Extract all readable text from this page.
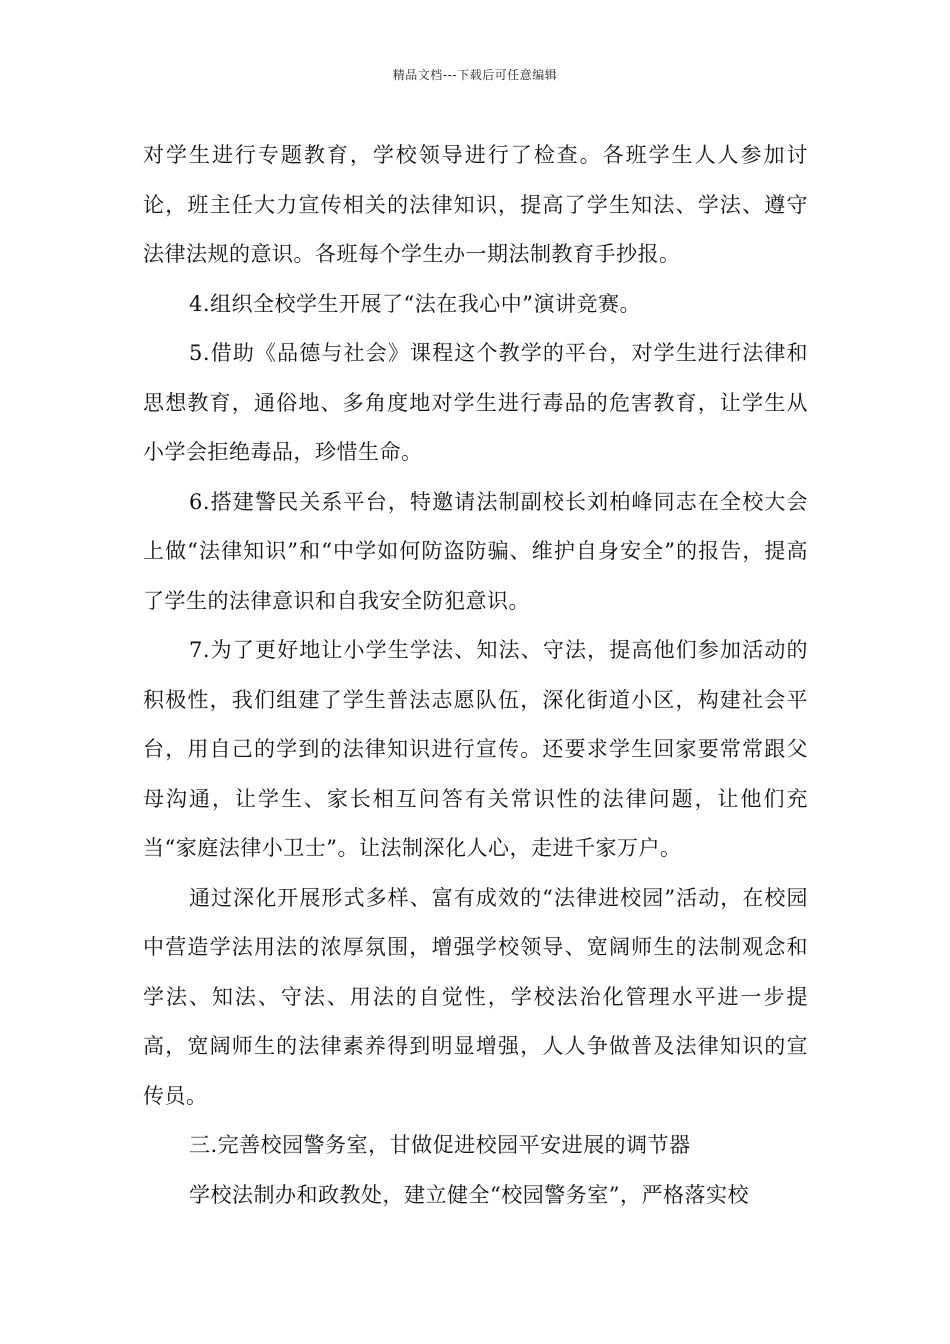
精品文档---下载后可任意编辑

对学生进行专题教育，学校领导进行了检查。各班学生人人参加讨论，班主任大力宣传相关的法律知识，提高了学生知法、学法、遵守法律法规的意识。各班每个学生办一期法制教育手抄报。

4.组织全校学生开展了“法在我心中”演讲竞赛。

5.借助《品德与社会》课程这个教学的平台，对学生进行法律和思想教育，通俗地、多角度地对学生进行毒品的危害教育，让学生从小学会拒绝毒品，珍惜生命。

6.搭建警民关系平台，特邀请法制副校长刘柏峰同志在全校大会上做“法律知识”和“中学如何防盗防骗、维护自身安全”的报告，提高了学生的法律意识和自我安全防犯意识。

7.为了更好地让小学生学法、知法、守法，提高他们参加活动的积极性，我们组建了学生普法志愿队伍，深化街道小区，构建社会平台，用自己的学到的法律知识进行宣传。还要求学生回家要常常跟父母沟通，让学生、家长相互问答有关常识性的法律问题，让他们充当“家庭法律小卫士”。让法制深化人心，走进千家万户。

通过深化开展形式多样、富有成效的“法律进校园”活动，在校园中营造学法用法的浓厚氛围，增强学校领导、宽阔师生的法制观念和学法、知法、守法、用法的自觉性，学校法治化管理水平进一步提高，宽阔师生的法律素养得到明显增强，人人争做普及法律知识的宣传员。

三.完善校园警务室，甘做促进校园平安进展的调节器

学校法制办和政教处，建立健全“校园警务室”，严格落实校
